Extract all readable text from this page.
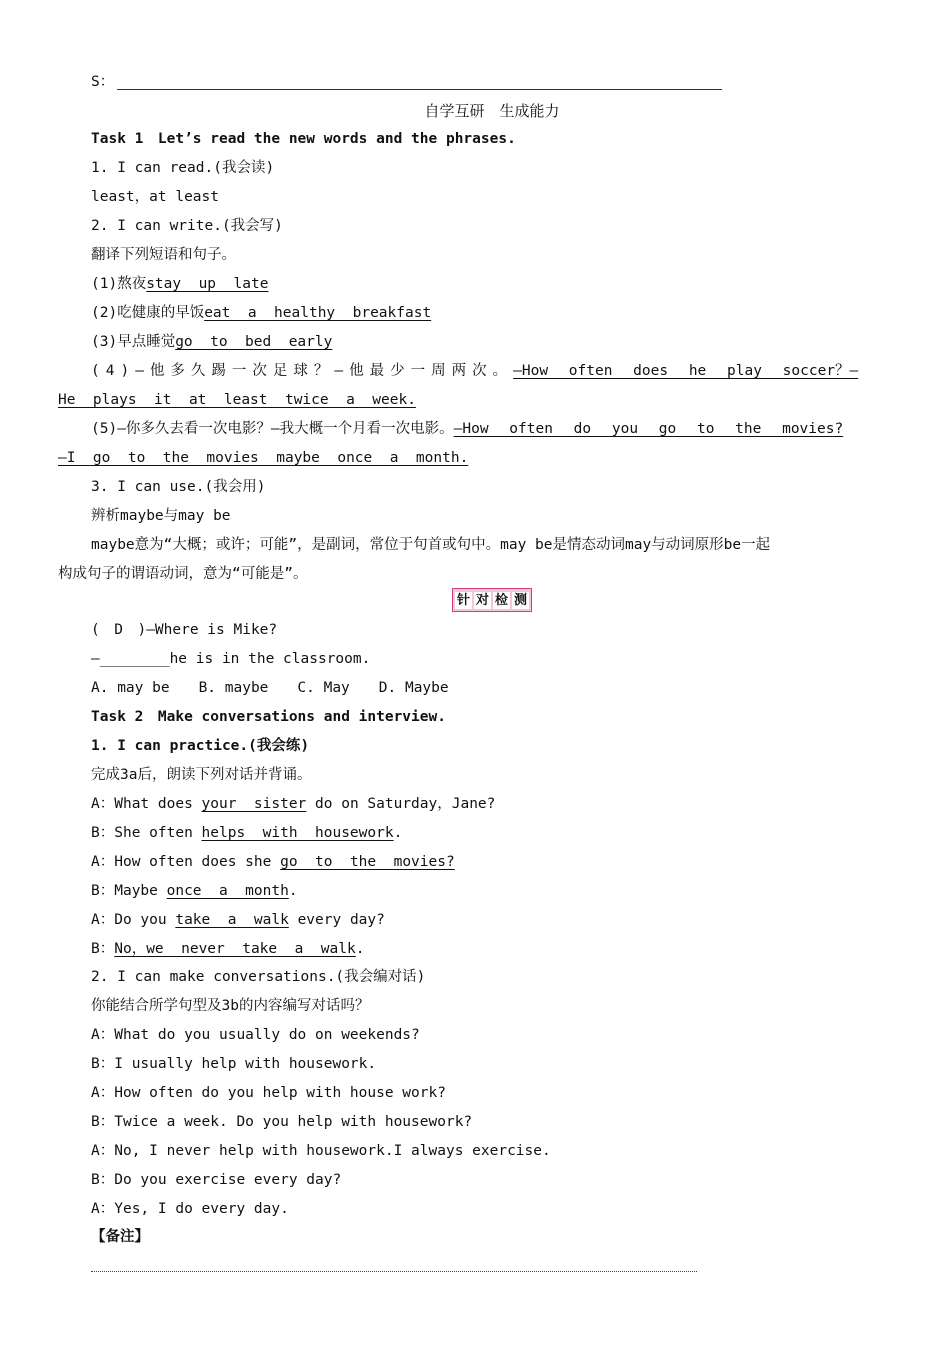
S：
自学互研　生成能力
Task 1　Let’s read the new words and the phrases.
1. I can read.(我会读)
least，at least
2. I can write.(我会写)
翻译下列短语和句子。
(1)熬夜stay  up  late
(2)吃健康的早饭eat  a  healthy  breakfast
(3)早点睡觉go  to  bed  early
(4)—他多久踢一次足球？—他最少一周两次。—How often does he play soccer？—
He  plays  it  at  least  twice  a  week.
(5)—你多久去看一次电影？—我大概一个月看一次电影。—How often do you go to the movies?
—I  go  to  the  movies  maybe  once  a  month.
3. I can use.(我会用)
辨析maybe与may be
maybe意为“大概；或许；可能”，是副词，常位于句首或句中。may be是情态动词may与动词原形be一起
构成句子的谓语动词，意为“可能是”。
针 对 检 测
(　D　)—Where is Mike?
—________he is in the classroom.
A. may be　　B. maybe　　C. May　　D. Maybe
Task 2　Make conversations and interview.
1. I can practice.(我会练)
完成3a后，朗读下列对话并背诵。
A：What does your  sister do on Saturday，Jane?
B：She often helps  with  housework.
A：How often does she go  to  the  movies?
B：Maybe once  a  month.
A：Do you take  a  walk every day?
B：No，we  never  take  a  walk.
2. I can make conversations.(我会编对话)
你能结合所学句型及3b的内容编写对话吗？
A：What do you usually do on weekends?
B：I usually help with housework.
A：How often do you help with house work?
B：Twice a week. Do you help with housework?
A：No, I never help with housework.I always exercise.
B：Do you exercise every day?
A：Yes, I do every day.
【备注】
